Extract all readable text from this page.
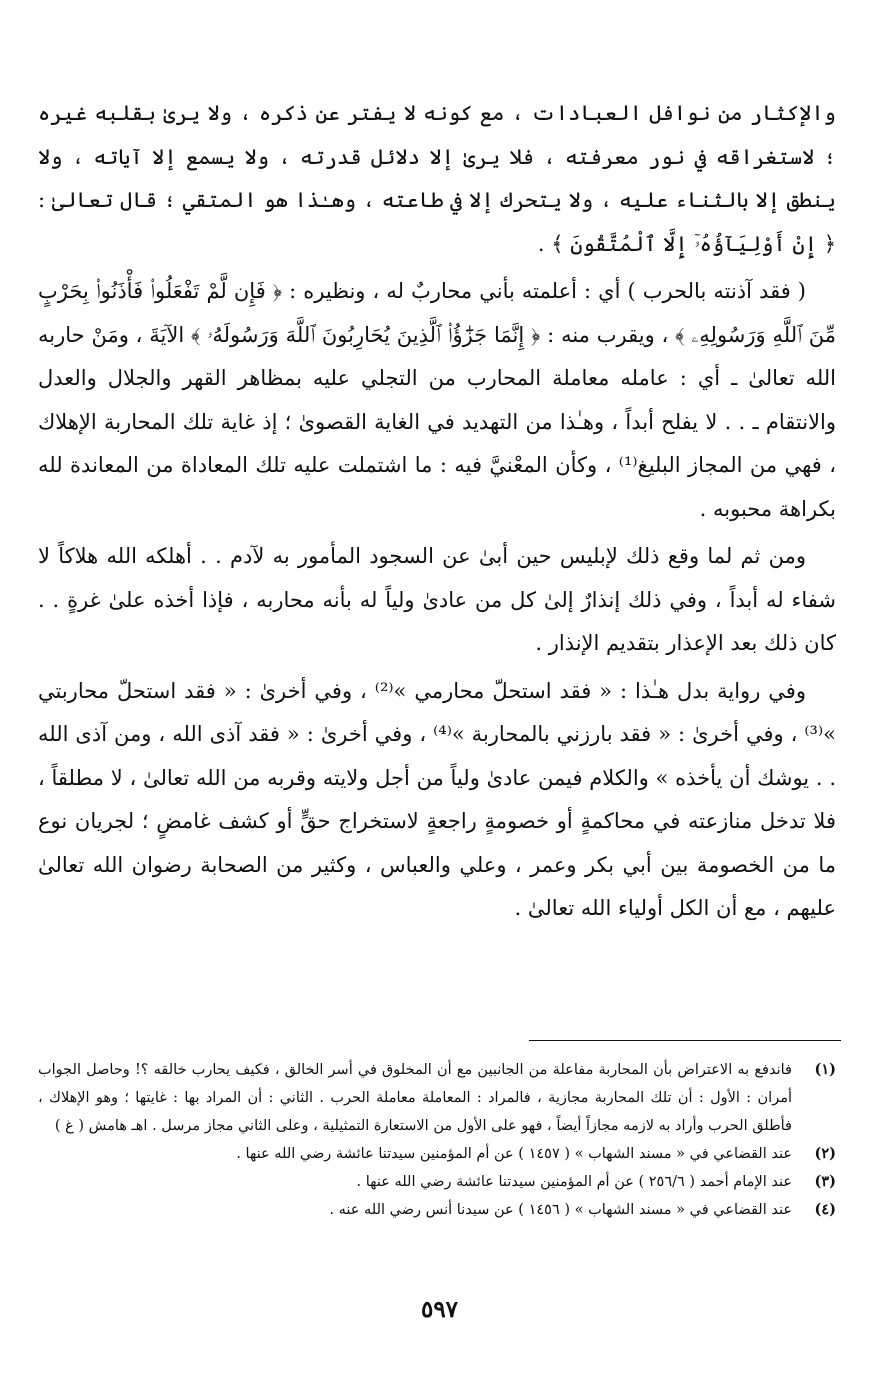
والإكثار من نوافل العبادات ، مع كونه لا يفتر عن ذكره ، ولا يرىٰ بقلبه غيره ؛ لاستغراقه في نور معرفته ، فلا يرىٰ إلا دلائل قدرته ، ولا يسمع إلا آياته ، ولا ينطق إلا بالثناء عليه ، ولا يتحرك إلا في طاعته ، وهـٰذا هو المتقي ؛ قال تعالىٰ : ﴿ إِنْ أَوْلِيَآؤُهُۥٓ إِلَّا ٱلْمُتَّقُونَ ﴾ .

( فقد آذنته بالحرب ) أي : أعلمته بأني محاربٌ له ، ونظيره : ﴿ فَإِن لَّمْ تَفْعَلُوا۟ فَأْذَنُوا۟ بِحَرْبٍ مِّنَ ٱللَّهِ وَرَسُولِهِۦ ﴾ ، ويقرب منه : ﴿ إِنَّمَا جَزَٰٓؤُا۟ ٱلَّذِينَ يُحَارِبُونَ ٱللَّهَ وَرَسُولَهُۥ ﴾ الآيَةَ ، ومَنْ حاربه الله تعالىٰ ـ أي : عامله معاملة المحارب من التجلي عليه بمظاهر القهر والجلال والعدل والانتقام ـ . . لا يفلح أبداً ، وهـٰذا من التهديد في الغاية القصوىٰ ؛ إذ غاية تلك المحاربة الإهلاك ، فهي من المجاز البليغ⁽¹⁾ ، وكأن المعْنيَّ فيه : ما اشتملت عليه تلك المعاداة من المعاندة لله بكراهة محبوبه .

ومن ثم لما وقع ذلك لإبليس حين أبىٰ عن السجود المأمور به لآدم . . أهلكه الله هلاكاً لا شفاء له أبداً ، وفي ذلك إنذارٌ إلىٰ كل من عادىٰ ولياً له بأنه محاربه ، فإذا أخذه علىٰ غرةٍ . . كان ذلك بعد الإعذار بتقديم الإنذار .

وفي رواية بدل هـٰذا : « فقد استحلّ محارمي »⁽²⁾ ، وفي أخرىٰ : « فقد استحلّ محاربتي »⁽³⁾ ، وفي أخرىٰ : « فقد بارزني بالمحاربة »⁽⁴⁾ ، وفي أخرىٰ : « فقد آذى الله ، ومن آذى الله . . يوشك أن يأخذه » والكلام فيمن عادىٰ ولياً من أجل ولايته وقربه من الله تعالىٰ ، لا مطلقاً ، فلا تدخل منازعته في محاكمةٍ أو خصومةٍ راجعةٍ لاستخراج حقٍّ أو كشف غامضٍ ؛ لجريان نوع ما من الخصومة بين أبي بكر وعمر ، وعلي والعباس ، وكثير من الصحابة رضوان الله تعالىٰ عليهم ، مع أن الكل أولياء الله تعالىٰ .

(١)
فاندفع به الاعتراض بأن المحاربة مفاعلة من الجانبين مع أن المخلوق في أسر الخالق ، فكيف يحارب خالقه ؟! وحاصل الجواب أمران : الأول : أن تلك المحاربة مجازية ، فالمراد : المعاملة معاملة الحرب . الثاني : أن المراد بها : غايتها ؛ وهو الإهلاك ، فأطلق الحرب وأراد به لازمه مجازاً أيضاً ، فهو على الأول من الاستعارة التمثيلية ، وعلى الثاني مجاز مرسل . اهـ هامش ( غ )
(٢)
عند القضاعي في « مسند الشهاب » ( ١٤٥٧ ) عن أم المؤمنين سيدتنا عائشة رضي الله عنها .
(٣)
عند الإمام أحمد ( ٢٥٦/٦ ) عن أم المؤمنين سيدتنا عائشة رضي الله عنها .
(٤)
عند القضاعي في « مسند الشهاب » ( ١٤٥٦ ) عن سيدنا أنس رضي الله عنه .
٥٩٧
